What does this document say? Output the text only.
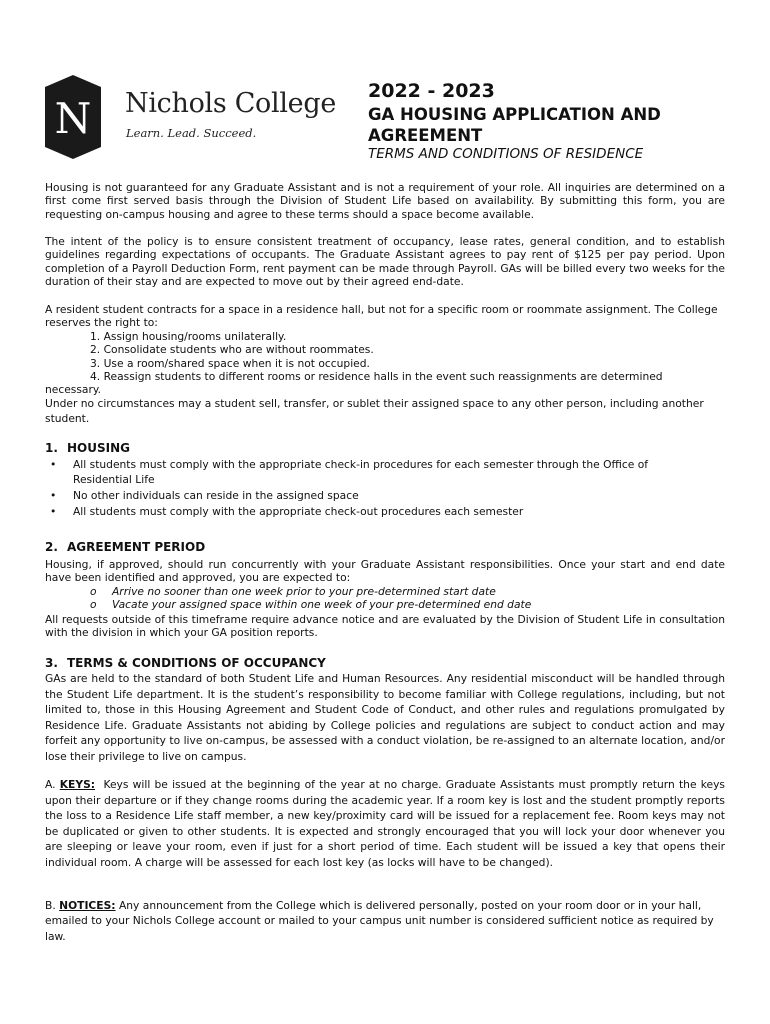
N Nichols College
Learn. Lead. Succeed.
2022 - 2023
GA HOUSING APPLICATION AND AGREEMENT
TERMS AND CONDITIONS OF RESIDENCE
Housing is not guaranteed for any Graduate Assistant and is not a requirement of your role. All inquiries are determined on a first come first served basis through the Division of Student Life based on availability. By submitting this form, you are requesting on-campus housing and agree to these terms should a space become available.
The intent of the policy is to ensure consistent treatment of occupancy, lease rates, general condition, and to establish guidelines regarding expectations of occupants. The Graduate Assistant agrees to pay rent of $125 per pay period. Upon completion of a Payroll Deduction Form, rent payment can be made through Payroll. GAs will be billed every two weeks for the duration of their stay and are expected to move out by their agreed end-date.
A resident student contracts for a space in a residence hall, but not for a specific room or roommate assignment. The College reserves the right to:
1. Assign housing/rooms unilaterally.
2. Consolidate students who are without roommates.
3. Use a room/shared space when it is not occupied.
4. Reassign students to different rooms or residence halls in the event such reassignments are determined
necessary.
Under no circumstances may a student sell, transfer, or sublet their assigned space to any other person, including another student.
1. HOUSING
• All students must comply with the appropriate check-in procedures for each semester through the Office of Residential Life
• No other individuals can reside in the assigned space
• All students must comply with the appropriate check-out procedures each semester
2. AGREEMENT PERIOD
Housing, if approved, should run concurrently with your Graduate Assistant responsibilities. Once your start and end date have been identified and approved, you are expected to:
o Arrive no sooner than one week prior to your pre-determined start date
o Vacate your assigned space within one week of your pre-determined end date
All requests outside of this timeframe require advance notice and are evaluated by the Division of Student Life in consultation with the division in which your GA position reports.
3. TERMS & CONDITIONS OF OCCUPANCY
GAs are held to the standard of both Student Life and Human Resources. Any residential misconduct will be handled through the Student Life department. It is the student’s responsibility to become familiar with College regulations, including, but not limited to, those in this Housing Agreement and Student Code of Conduct, and other rules and regulations promulgated by Residence Life. Graduate Assistants not abiding by College policies and regulations are subject to conduct action and may forfeit any opportunity to live on-campus, be assessed with a conduct violation, be re-assigned to an alternate location, and/or lose their privilege to live on campus.
A. KEYS: Keys will be issued at the beginning of the year at no charge. Graduate Assistants must promptly return the keys upon their departure or if they change rooms during the academic year. If a room key is lost and the student promptly reports the loss to a Residence Life staff member, a new key/proximity card will be issued for a replacement fee. Room keys may not be duplicated or given to other students. It is expected and strongly encouraged that you will lock your door whenever you are sleeping or leave your room, even if just for a short period of time. Each student will be issued a key that opens their individual room. A charge will be assessed for each lost key (as locks will have to be changed).
B. NOTICES: Any announcement from the College which is delivered personally, posted on your room door or in your hall, emailed to your Nichols College account or mailed to your campus unit number is considered sufficient notice as required by law.
